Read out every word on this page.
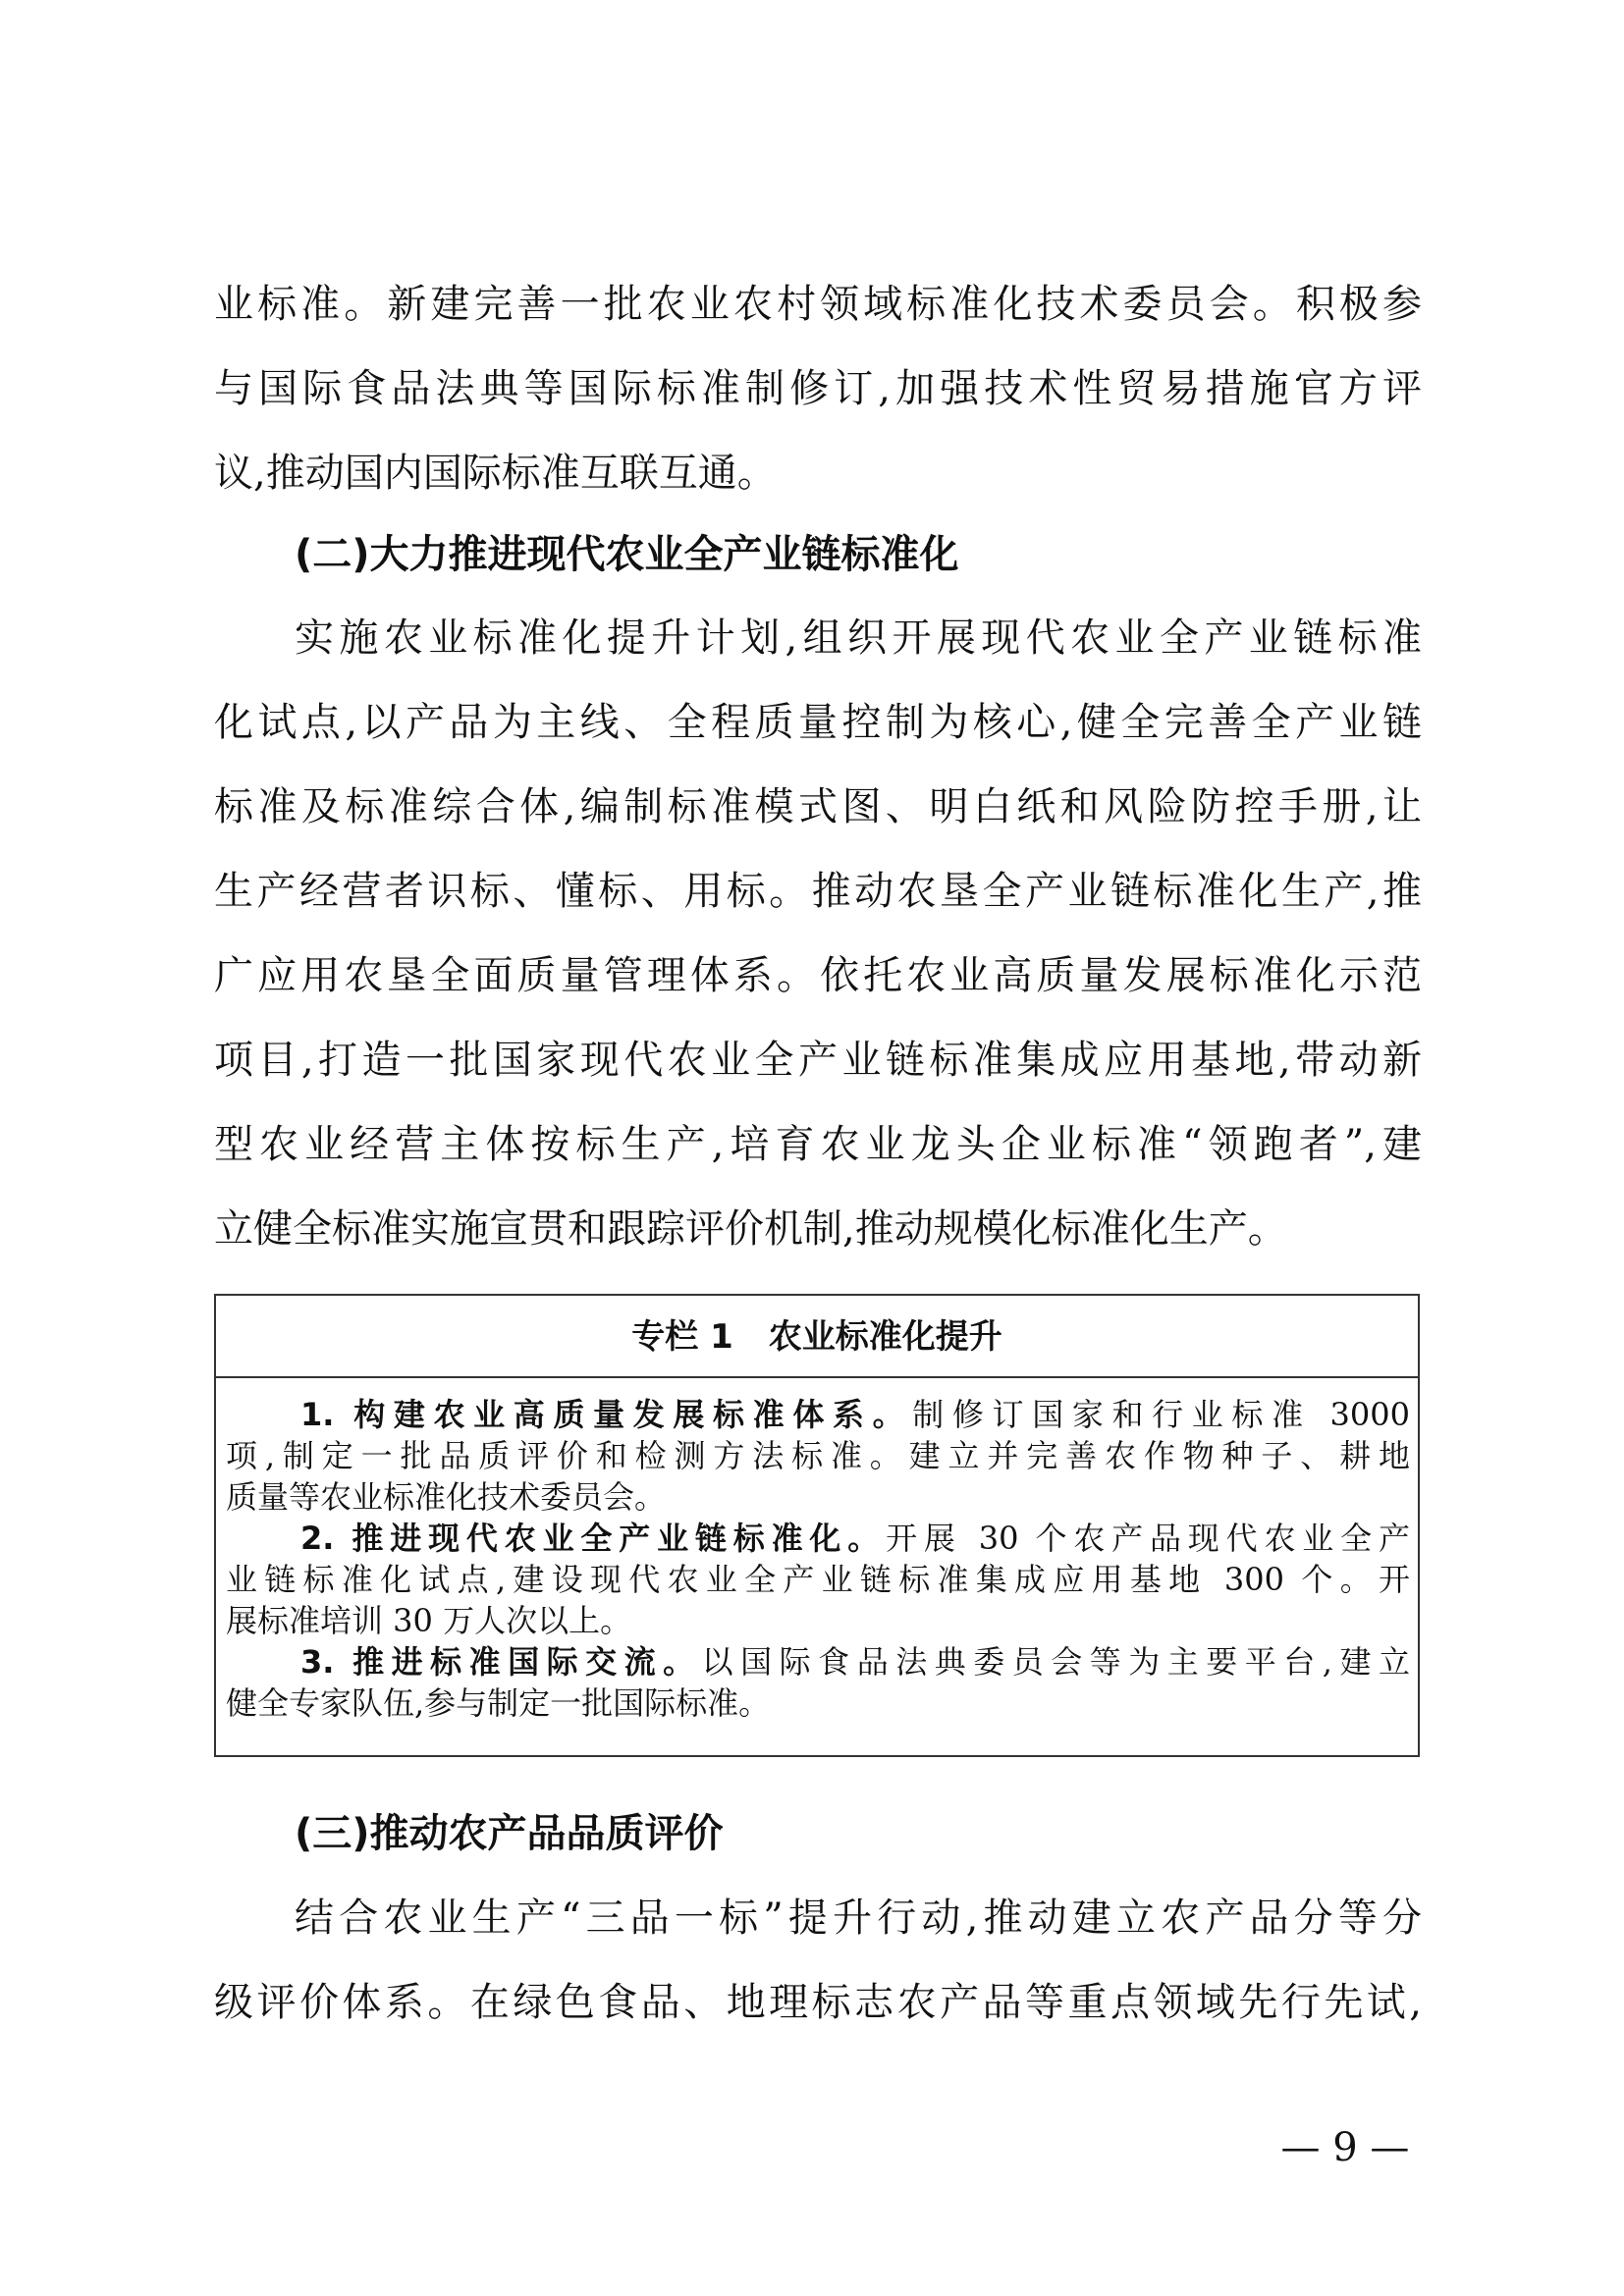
业标准。新建完善一批农业农村领域标准化技术委员会。积极参
与国际食品法典等国际标准制修订,加强技术性贸易措施官方评
议,推动国内国际标准互联互通。
(二)大力推进现代农业全产业链标准化
实施农业标准化提升计划,组织开展现代农业全产业链标准
化试点,以产品为主线、全程质量控制为核心,健全完善全产业链
标准及标准综合体,编制标准模式图、明白纸和风险防控手册,让
生产经营者识标、懂标、用标。推动农垦全产业链标准化生产,推
广应用农垦全面质量管理体系。依托农业高质量发展标准化示范
项目,打造一批国家现代农业全产业链标准集成应用基地,带动新
型农业经营主体按标生产,培育农业龙头企业标准“领跑者”,建
立健全标准实施宣贯和跟踪评价机制,推动规模化标准化生产。
专栏 1 农业标准化提升
1. 构建农业高质量发展标准体系。制修订国家和行业标准 3000
项,制定一批品质评价和检测方法标准。建立并完善农作物种子、耕地
质量等农业标准化技术委员会。
2. 推进现代农业全产业链标准化。开展 30 个农产品现代农业全产
业链标准化试点,建设现代农业全产业链标准集成应用基地 300 个。开
展标准培训 30 万人次以上。
3. 推进标准国际交流。以国际食品法典委员会等为主要平台,建立
健全专家队伍,参与制定一批国际标准。
(三)推动农产品品质评价
结合农业生产“三品一标”提升行动,推动建立农产品分等分
级评价体系。在绿色食品、地理标志农产品等重点领域先行先试,
— 9 —
